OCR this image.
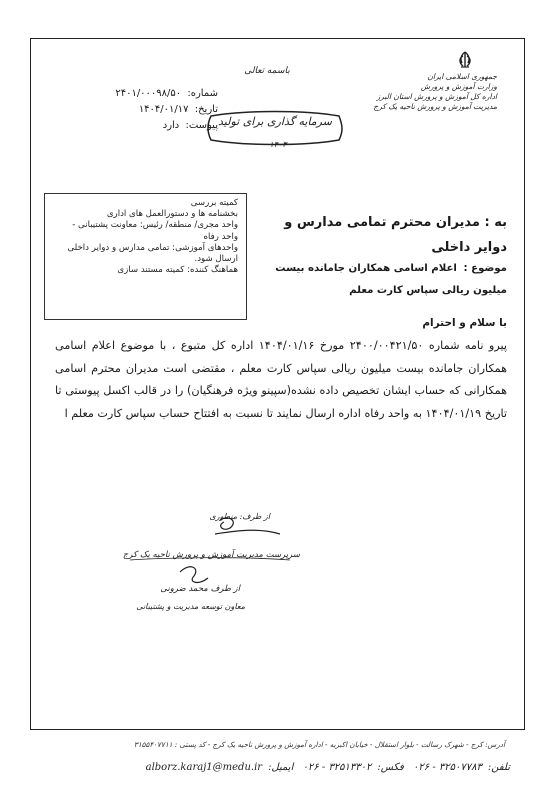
جمهوری اسلامی ایران
وزارت آموزش و پرورش
اداره کل آموزش و پرورش استان البرز
مدیریت آموزش و پرورش ناحیه یک کرج
باسمه تعالی
سرمایه گذاری برای تولید
۱۴۰۳
شماره: ۲۴۰۱/۰۰۰۹۸/۵۰
تاریخ: ۱۴۰۴/۰۱/۱۷
پیوست: دارد
کمیته بررسی
بخشنامه ها و دستورالعمل های اداری
واحد مجری/ منطقه/ رئیس: معاونت پشتیبانی -
واحد رفاه
واحدهای آموزشی: تمامی مدارس و دوایر داخلی
ارسال شود.
هماهنگ کننده: کمیته مستند سازی
به : مدیران محترم تمامی مدارس و دوایر داخلی
موضوع : اعلام اسامی همکاران جامانده بیست میلیون ریالی سپاس کارت معلم
با سلام و احترام
پیرو نامه شماره ۲۴۰۰/۰۰۴۲۱/۵۰ مورخ ۱۴۰۴/۰۱/۱۶ اداره کل متبوع ، با موضوع اعلام اسامی همکاران جامانده بیست میلیون ریالی سپاس کارت معلم ، مقتضی است مدیران محترم اسامی همکارانی که حساب ایشان تخصیص داده نشده(سپینو ویژه فرهنگیان) را در قالب اکسل پیوستی تا تاریخ ۱۴۰۴/۰۱/۱۹ به واحد رفاه اداره ارسال نمایند تا نسبت به افتتاح حساب سپاس کارت معلم ا
از طرف: منطوری
سرپرست مدیریت آموزش و پرورش ناحیه یک کرج
از طرف محمد ضرونی
معاون توسعه مدیریت و پشتیبانی
آدرس: کرج - شهرک رسالت - بلوار استقلال - خیابان اکبریه - اداره آموزش و پرورش ناحیه یک کرج - کد پستی : ۳۱۵۵۴۰۷۷۱۱
تلفن:۳۲۵۰۷۷۸۳ - ۰۲۶ فکس:۳۲۵۱۳۳۰۲ - ۰۲۶ ایمیل:alborz.karaj1@medu.ir
